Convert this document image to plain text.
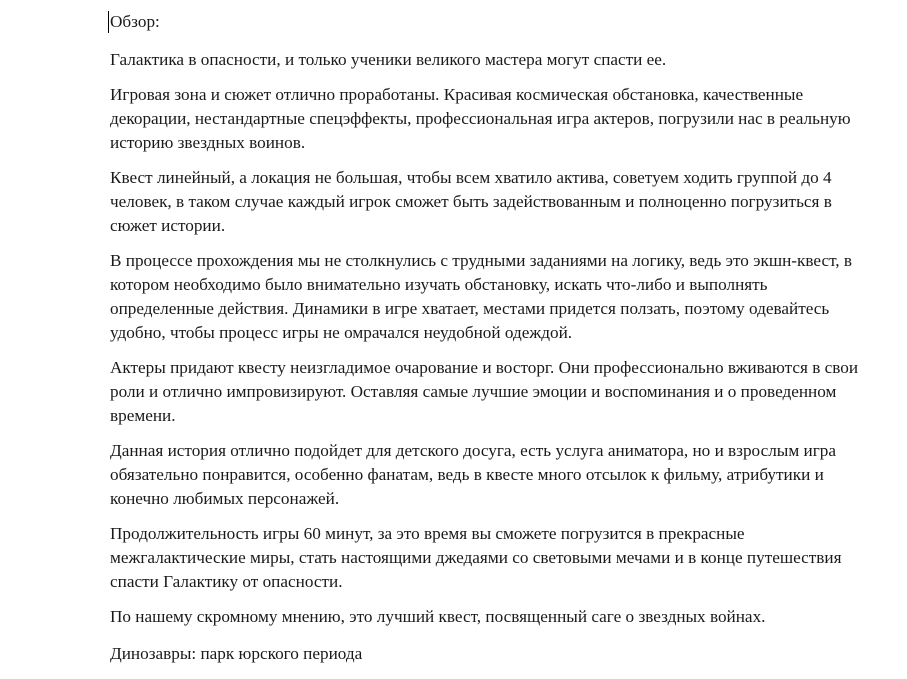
Обзор:

Галактика в опасности, и только ученики великого мастера могут спасти ее.

Игровая зона и сюжет отлично проработаны. Красивая космическая обстановка, качественные декорации, нестандартные спецэффекты, профессиональная игра актеров, погрузили нас в реальную историю звездных воинов.

Квест линейный, а локация не большая, чтобы всем хватило актива, советуем ходить группой до 4 человек, в таком случае каждый игрок сможет быть задействованным и полноценно погрузиться в сюжет истории.

В процессе прохождения мы не столкнулись с трудными заданиями на логику, ведь это экшн-квест, в котором необходимо было внимательно изучать обстановку, искать что-либо и выполнять определенные действия. Динамики в игре хватает, местами придется ползать, поэтому одевайтесь удобно, чтобы процесс игры не омрачался неудобной одеждой.

Актеры придают квесту неизгладимое очарование и восторг. Они профессионально вживаются в свои роли и отлично импровизируют. Оставляя самые лучшие эмоции и воспоминания и о проведенном времени.

Данная история отлично подойдет для детского досуга, есть услуга аниматора, но и взрослым игра обязательно понравится, особенно фанатам, ведь в квесте много отсылок к фильму, атрибутики и конечно любимых персонажей.

Продолжительность игры 60 минут, за это время вы сможете погрузится в прекрасные межгалактические миры, стать настоящими джедаями со световыми мечами и в конце путешествия спасти Галактику от опасности.

По нашему скромному мнению, это лучший квест, посвященный саге о звездных войнах.

Динозавры: парк юрского периода
